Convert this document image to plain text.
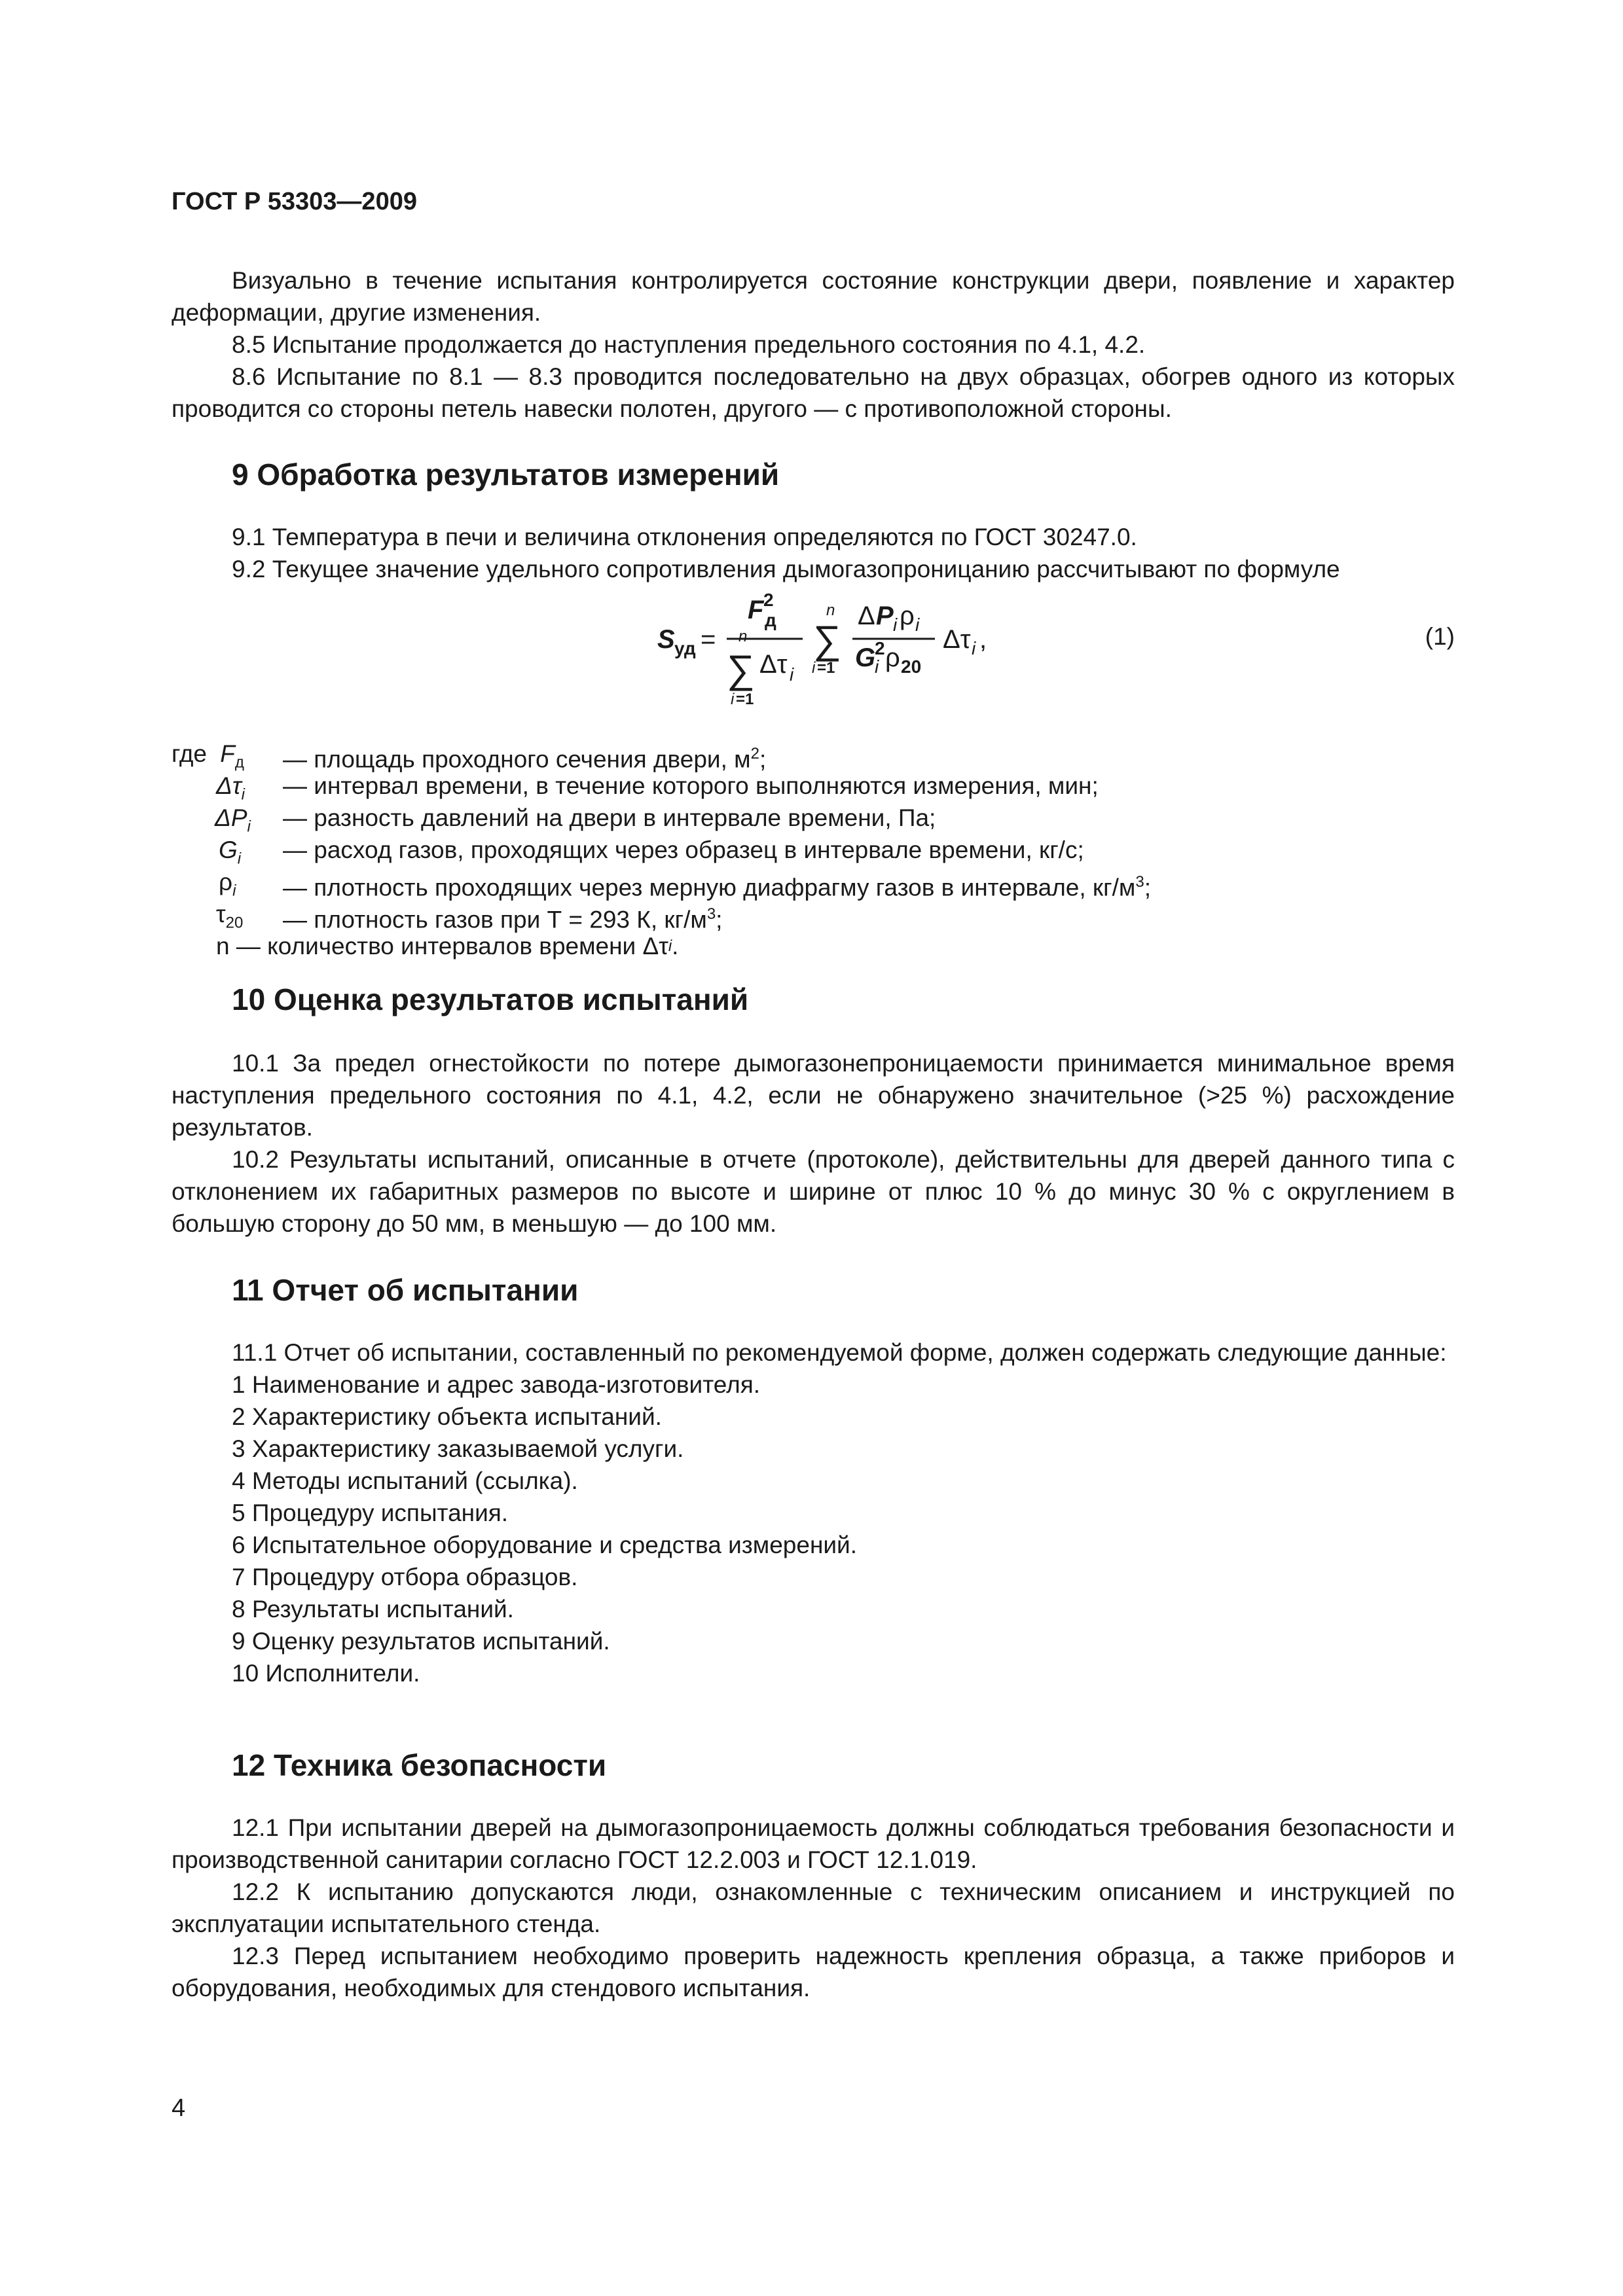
ГОСТ Р 53303—2009

Визуально в течение испытания контролируется состояние конструкции двери, появление и характер деформации, другие изменения.

8.5 Испытание продолжается до наступления предельного состояния по 4.1, 4.2.

8.6 Испытание по 8.1 — 8.3 проводится последовательно на двух образцах, обогрев одного из которых проводится со стороны петель навески полотен, другого — с противоположной стороны.

9 Обработка результатов измерений

9.1 Температура в печи и величина отклонения определяются по ГОСТ 30247.0.

9.2 Текущее значение удельного сопротивления дымогазопроницанию рассчитывают по формуле

S уд =
F 2
д
n
∑ Δτ i
i =1
n
∑
i =1
Δ P i ρ i
G
2
i ρ 20
Δτ i ,	(1)
где $F_д$	— площадь проходного сечения двери, $м^2$;
$\Delta\tau_i$	— интервал времени, в течение которого выполняются измерения, мин;
$\Delta P_i$	— разность давлений на двери в интервале времени, Па;
$G_i$	— расход газов, проходящих через образец в интервале времени, кг/с;
$\rho_i$	— плотность проходящих через мерную диафрагму газов в интервале, $кг/м^3$;
$\tau_{20}$	— плотность газов при Т = 293 К, $кг/м^3$;
n — количество интервалов времени Δτ i .
10 Оценка результатов испытаний

10.1 За предел огнестойкости по потере дымогазонепроницаемости принимается минимальное время наступления предельного состояния по 4.1, 4.2, если не обнаружено значительное (>25 %) расхождение результатов.

10.2 Результаты испытаний, описанные в отчете (протоколе), действительны для дверей данного типа с отклонением их габаритных размеров по высоте и ширине от плюс 10 % до минус 30 % с округлением в большую сторону до 50 мм, в меньшую — до 100 мм.

11 Отчет об испытании

11.1 Отчет об испытании, составленный по рекомендуемой форме, должен содержать следующие данные:

1 Наименование и адрес завода-изготовителя.
2 Характеристику объекта испытаний.
3 Характеристику заказываемой услуги.
4 Методы испытаний (ссылка).
5 Процедуру испытания.
6 Испытательное оборудование и средства измерений.
7 Процедуру отбора образцов.
8 Результаты испытаний.
9 Оценку результатов испытаний.
10 Исполнители.
12 Техника безопасности

12.1 При испытании дверей на дымогазопроницаемость должны соблюдаться требования безопасности и производственной санитарии согласно ГОСТ 12.2.003 и ГОСТ 12.1.019.

12.2 К испытанию допускаются люди, ознакомленные с техническим описанием и инструкцией по эксплуатации испытательного стенда.

12.3 Перед испытанием необходимо проверить надежность крепления образца, а также приборов и оборудования, необходимых для стендового испытания.

4
